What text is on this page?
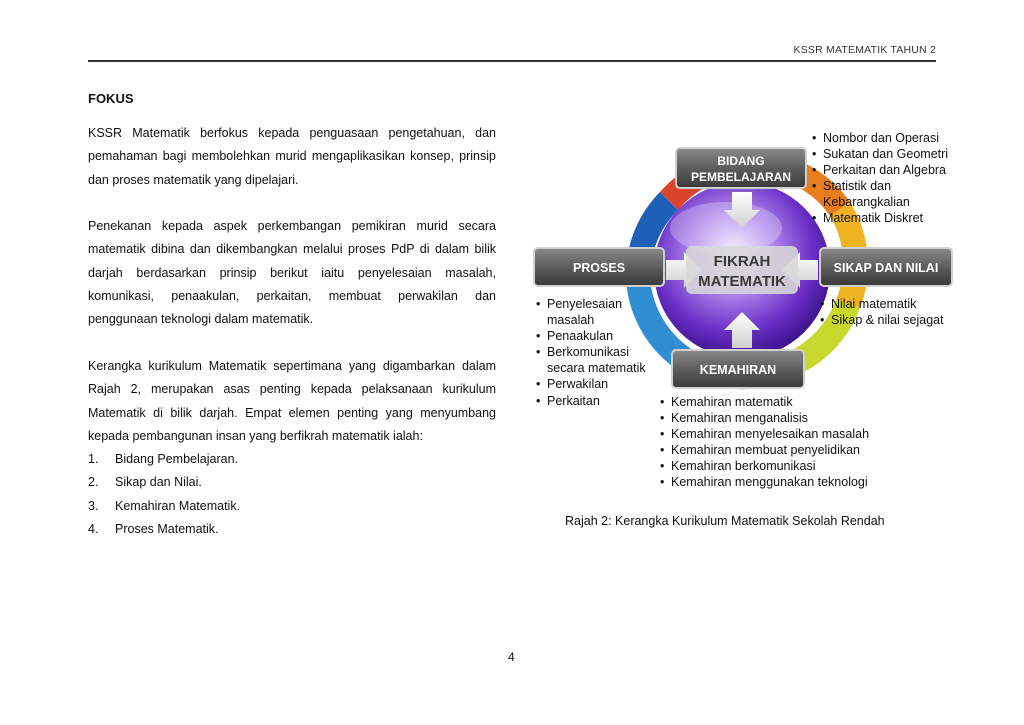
KSSR MATEMATIK TAHUN 2
FOKUS

KSSR Matematik berfokus kepada penguasaan pengetahuan, dan pemahaman bagi membolehkan murid mengaplikasikan konsep, prinsip dan proses matematik yang dipelajari.

Penekanan kepada aspek perkembangan pemikiran murid secara matematik dibina dan dikembangkan melalui proses PdP di dalam bilik darjah berdasarkan prinsip berikut iaitu penyelesaian masalah, komunikasi, penaakulan, perkaitan, membuat perwakilan dan penggunaan teknologi dalam matematik.

Kerangka kurikulum Matematik sepertimana yang digambarkan dalam Rajah 2, merupakan asas penting kepada pelaksanaan kurikulum Matematik di bilik darjah. Empat elemen penting yang menyumbang kepada pembangunan insan yang berfikrah matematik ialah:

1.	Bidang Pembelajaran.
2.	Sikap dan Nilai.
3.	Kemahiran Matematik.
4.	Proses Matematik.
FIKRAH
MATEMATIK
BIDANG
PEMBELAJARAN
PROSES	SIKAP DAN NILAI
KEMAHIRAN
• Nombor dan Operasi
• Sukatan dan Geometri
• Perkaitan dan Algebra
• Statistik dan Kebarangkalian
• Matematik Diskret
• Penyelesaian masalah
• Penaakulan
• Berkomunikasi secara matematik
• Perwakilan
• Perkaitan
• Nilai matematik
• Sikap & nilai sejagat
• Kemahiran matematik
• Kemahiran menganalisis
• Kemahiran menyelesaikan masalah
• Kemahiran membuat penyelidikan
• Kemahiran berkomunikasi
• Kemahiran menggunakan teknologi
Rajah 2: Kerangka Kurikulum Matematik Sekolah Rendah
4
